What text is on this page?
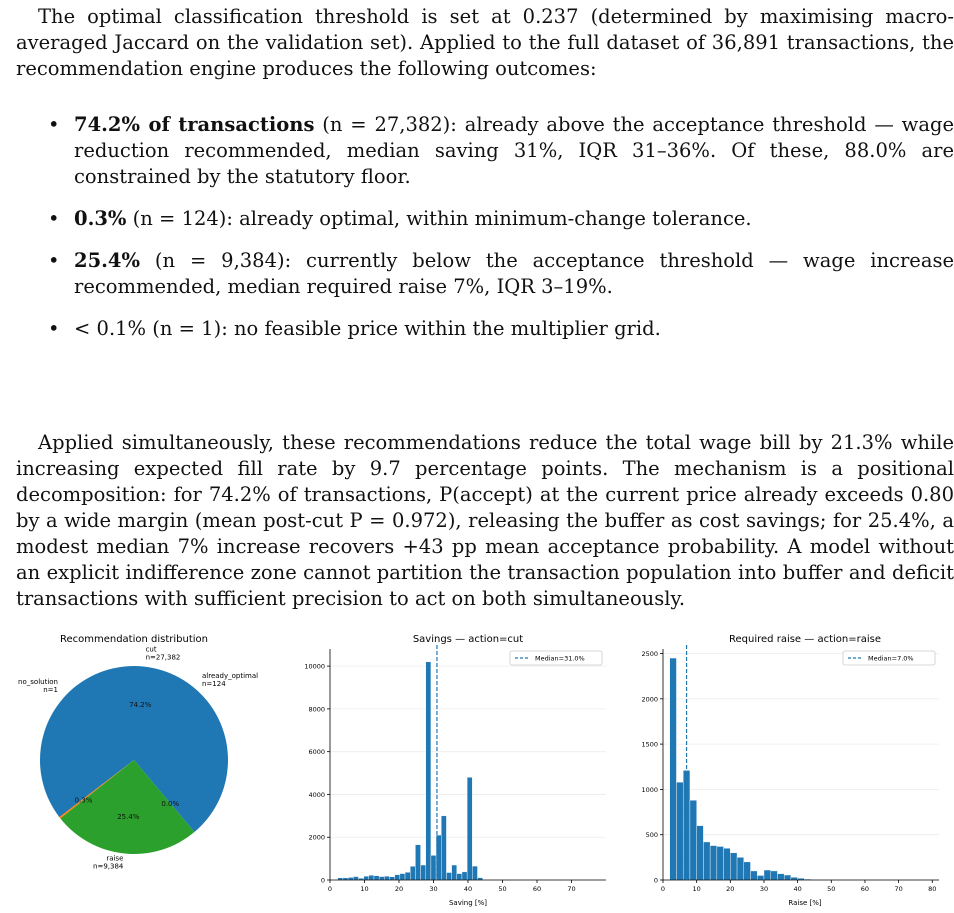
The optimal classification threshold is set at 0.237 (determined by maximising macro-averaged Jaccard on the validation set). Applied to the full dataset of 36,891 transactions, the recommendation engine produces the following outcomes:

• 74.2% of transactions (n = 27,382): already above the acceptance threshold — wage reduction recommended, median saving 31%, IQR 31–36%. Of these, 88.0% are constrained by the statutory floor.
• 0.3% (n = 124): already optimal, within minimum-change tolerance.
• 25.4% (n = 9,384): currently below the acceptance threshold — wage increase recommended, median required raise 7%, IQR 3–19%.
• < 0.1% (n = 1): no feasible price within the multiplier grid.

Applied simultaneously, these recommendations reduce the total wage bill by 21.3% while increasing expected fill rate by 9.7 percentage points. The mechanism is a positional decomposition: for 74.2% of transactions, P(accept) at the current price already exceeds 0.80 by a wide margin (mean post-cut P = 0.972), releasing the buffer as cost savings; for 25.4%, a modest median 7% increase recovers +43 pp mean acceptance probability. A model without an explicit indifference zone cannot partition the transaction population into buffer and deficit transactions with sufficient precision to act on both simultaneously.

Recommendation distribution
74.2%
cut
n=27,382
0.3%
already_optimal
n=124
25.4%
raise
n=9,384
0.0%
no_solution
n=1
Savings — action=cut
Saving [%]
0
2000
4000
6000
8000
10000
0	10	20	30	40	50	60	70
Median=31.0%
Required raise — action=raise
Raise [%]
0
500
1000
1500
2000
2500
0	10	20	30	40	50	60	70	80
Median=7.0%
